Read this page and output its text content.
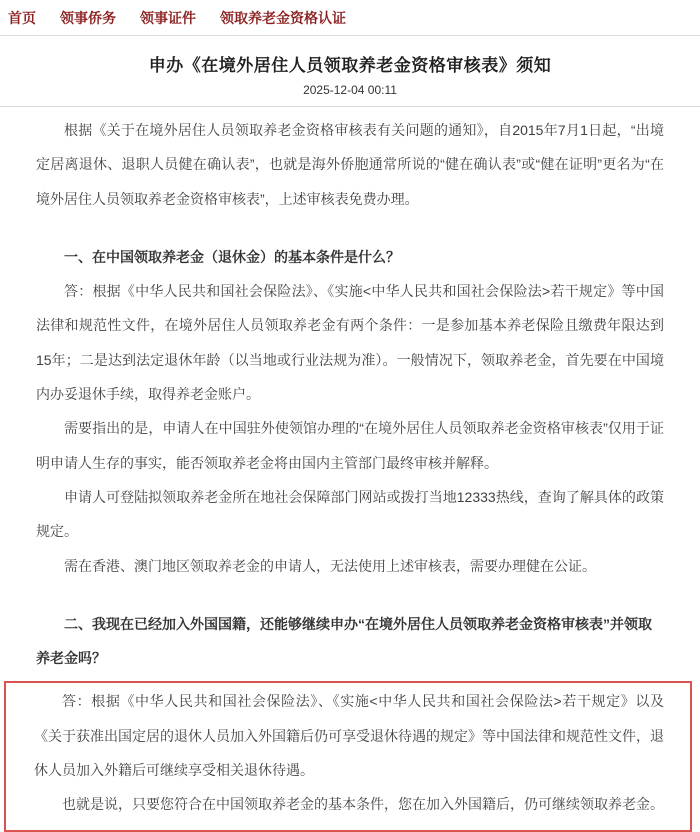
首页 领事侨务 领事证件 领取养老金资格认证
申办《在境外居住人员领取养老金资格审核表》须知
2025-12-04 00:11

根据《关于在境外居住人员领取养老金资格审核表有关问题的通知》，自2015年7月1日起，“出境定居离退休、退职人员健在确认表”，也就是海外侨胞通常所说的“健在确认表”或“健在证明”更名为“在境外居住人员领取养老金资格审核表”，上述审核表免费办理。

一、在中国领取养老金（退休金）的基本条件是什么？

答：根据《中华人民共和国社会保险法》、《实施<中华人民共和国社会保险法>若干规定》等中国法律和规范性文件，在境外居住人员领取养老金有两个条件：一是参加基本养老保险且缴费年限达到15年；二是达到法定退休年龄（以当地或行业法规为准）。一般情况下，领取养老金，首先要在中国境内办妥退休手续，取得养老金账户。

需要指出的是，申请人在中国驻外使领馆办理的“在境外居住人员领取养老金资格审核表”仅用于证明申请人生存的事实，能否领取养老金将由国内主管部门最终审核并解释。

申请人可登陆拟领取养老金所在地社会保障部门网站或拨打当地12333热线，查询了解具体的政策规定。

需在香港、澳门地区领取养老金的申请人，无法使用上述审核表，需要办理健在公证。

二、我现在已经加入外国国籍，还能够继续申办“在境外居住人员领取养老金资格审核表”并领取养老金吗？

答：根据《中华人民共和国社会保险法》、《实施<中华人民共和国社会保险法>若干规定》以及《关于获准出国定居的退休人员加入外国籍后仍可享受退休待遇的规定》等中国法律和规范性文件，退休人员加入外籍后可继续享受相关退休待遇。

也就是说，只要您符合在中国领取养老金的基本条件，您在加入外国籍后，仍可继续领取养老金。
